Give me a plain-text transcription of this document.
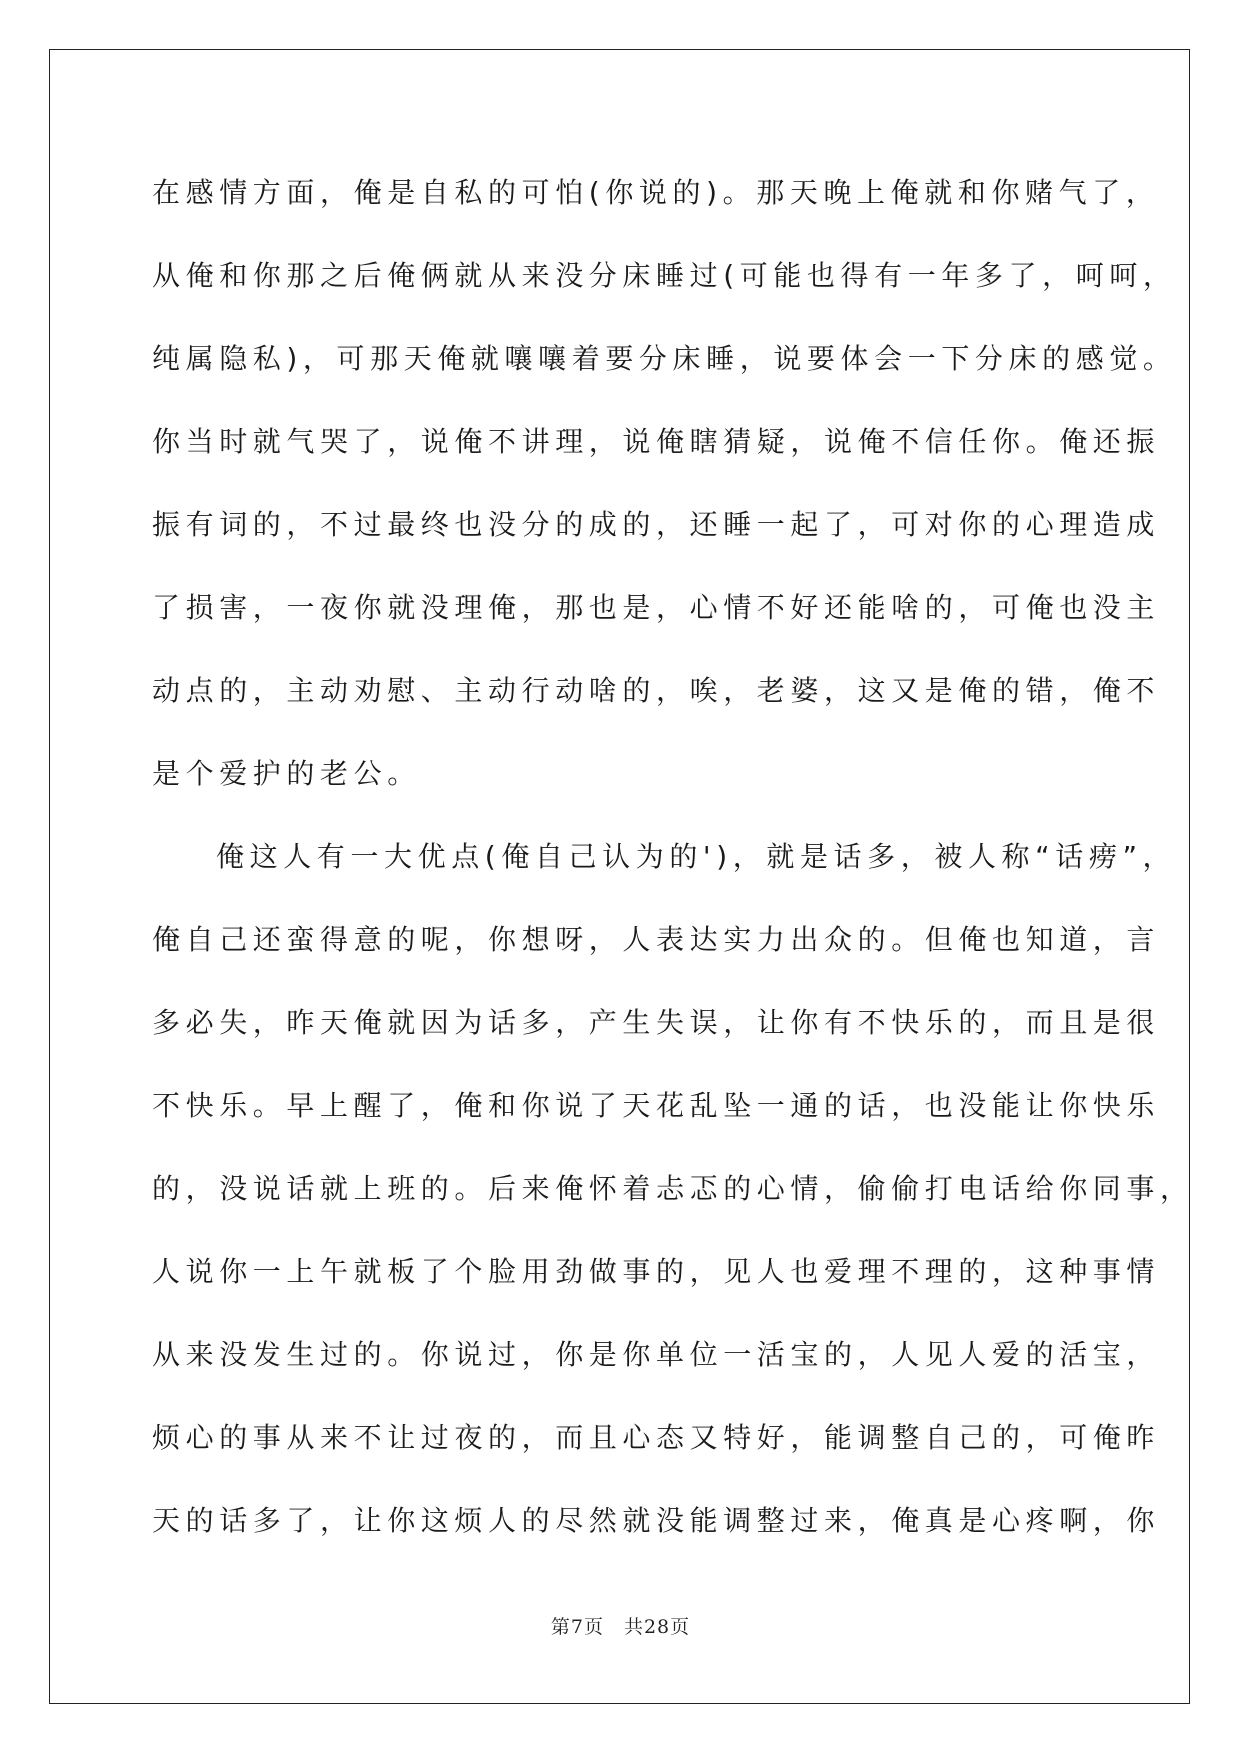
在感情方面，俺是自私的可怕(你说的)。那天晚上俺就和你赌气了，
从俺和你那之后俺俩就从来没分床睡过(可能也得有一年多了，呵呵，
纯属隐私)，可那天俺就嚷嚷着要分床睡，说要体会一下分床的感觉。
你当时就气哭了，说俺不讲理，说俺瞎猜疑，说俺不信任你。俺还振
振有词的，不过最终也没分的成的，还睡一起了，可对你的心理造成
了损害，一夜你就没理俺，那也是，心情不好还能啥的，可俺也没主
动点的，主动劝慰、主动行动啥的，唉，老婆，这又是俺的错，俺不
是个爱护的老公。
俺这人有一大优点(俺自己认为的')，就是话多，被人称“话痨”，
俺自己还蛮得意的呢，你想呀，人表达实力出众的。但俺也知道，言
多必失，昨天俺就因为话多，产生失误，让你有不快乐的，而且是很
不快乐。早上醒了，俺和你说了天花乱坠一通的话，也没能让你快乐
的，没说话就上班的。后来俺怀着忐忑的心情，偷偷打电话给你同事，
人说你一上午就板了个脸用劲做事的，见人也爱理不理的，这种事情
从来没发生过的。你说过，你是你单位一活宝的，人见人爱的活宝，
烦心的事从来不让过夜的，而且心态又特好，能调整自己的，可俺昨
天的话多了，让你这烦人的尽然就没能调整过来，俺真是心疼啊，你
第7页　共28页
